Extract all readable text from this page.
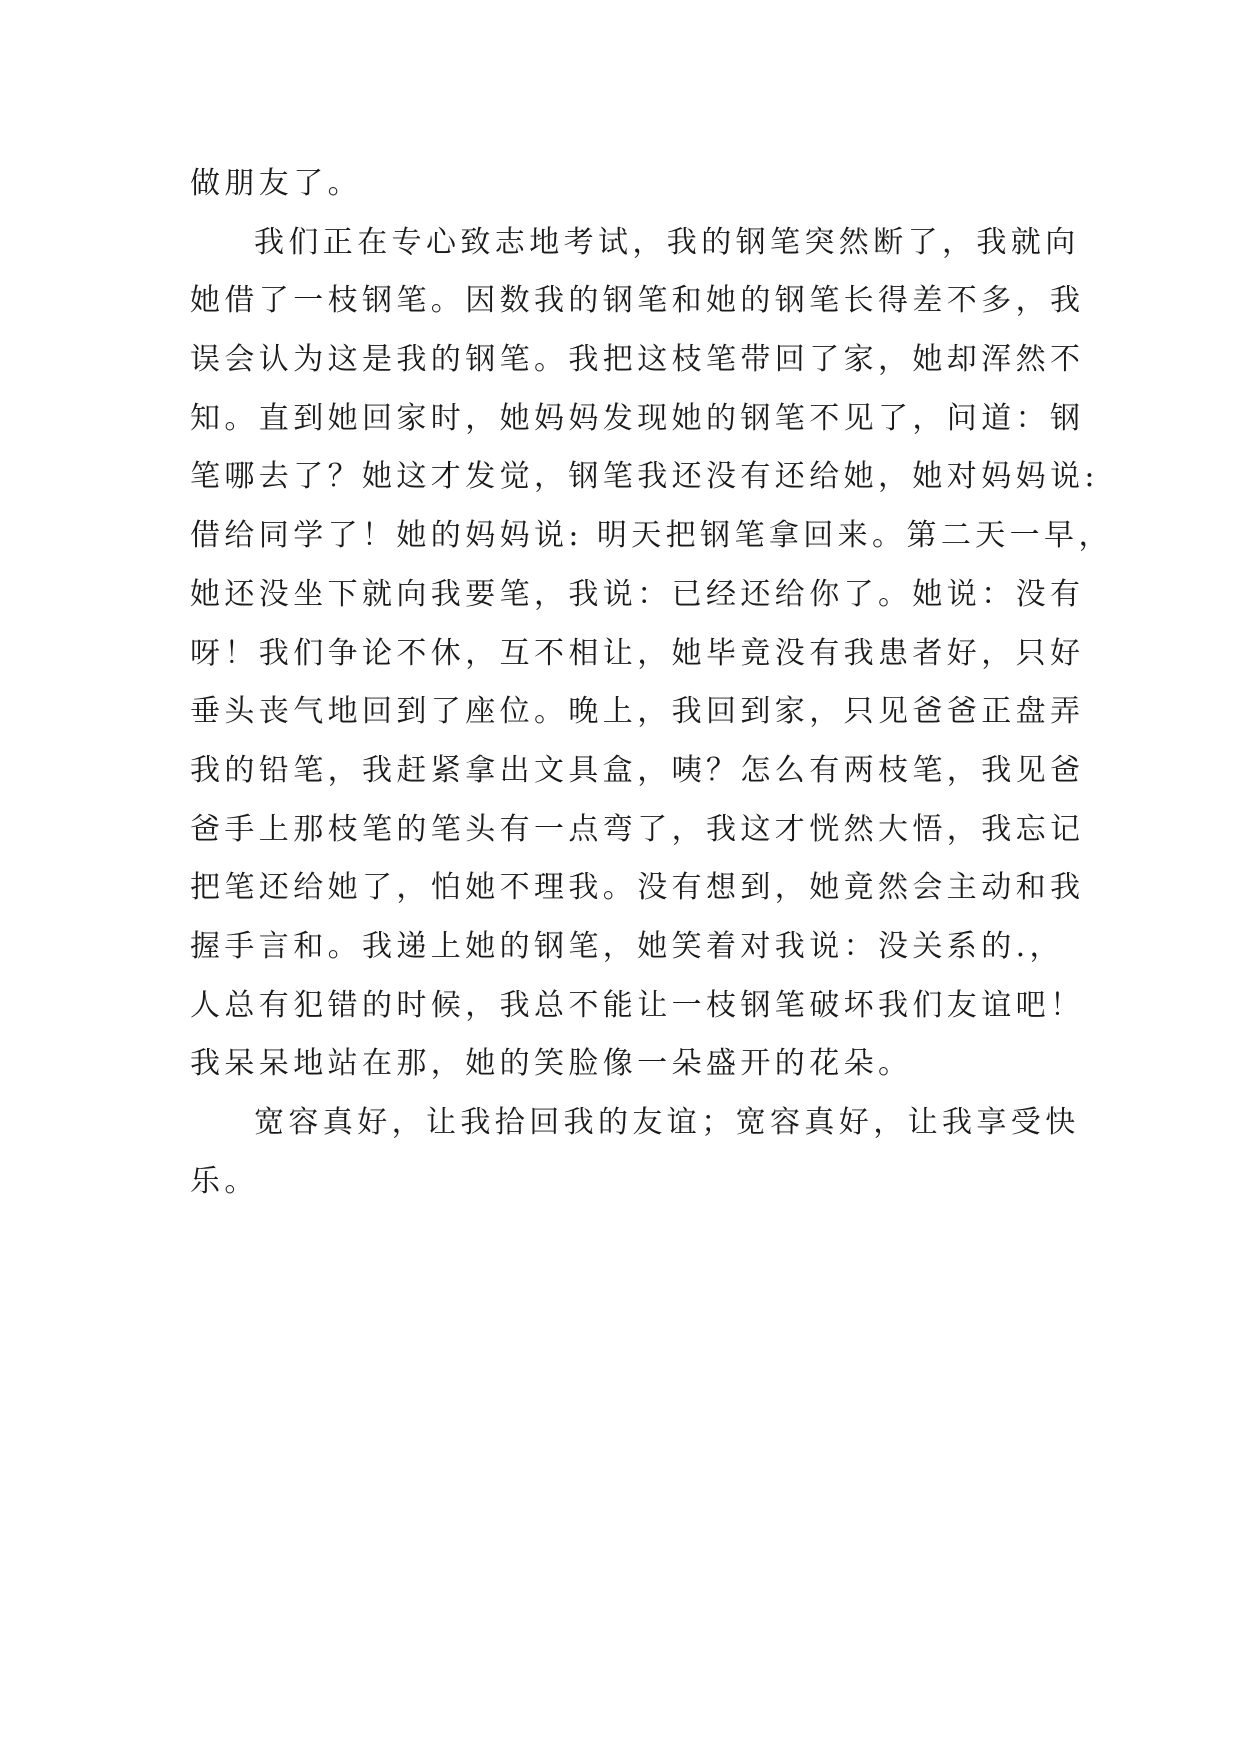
做朋友了。
我们正在专心致志地考试，我的钢笔突然断了，我就向
她借了一枝钢笔。因数我的钢笔和她的钢笔长得差不多，我
误会认为这是我的钢笔。我把这枝笔带回了家，她却浑然不
知。直到她回家时，她妈妈发现她的钢笔不见了，问道：钢
笔哪去了？她这才发觉，钢笔我还没有还给她，她对妈妈说:
借给同学了！她的妈妈说: 明天把钢笔拿回来。第二天一早，
她还没坐下就向我要笔，我说：已经还给你了。她说：没有
呀！我们争论不休，互不相让，她毕竟没有我患者好，只好
垂头丧气地回到了座位。晚上，我回到家，只见爸爸正盘弄
我的铅笔，我赶紧拿出文具盒，咦？怎么有两枝笔，我见爸
爸手上那枝笔的笔头有一点弯了，我这才恍然大悟，我忘记
把笔还给她了，怕她不理我。没有想到，她竟然会主动和我
握手言和。我递上她的钢笔，她笑着对我说：没关系的.，
人总有犯错的时候，我总不能让一枝钢笔破坏我们友谊吧！
我呆呆地站在那，她的笑脸像一朵盛开的花朵。
宽容真好，让我拾回我的友谊；宽容真好，让我享受快
乐。
